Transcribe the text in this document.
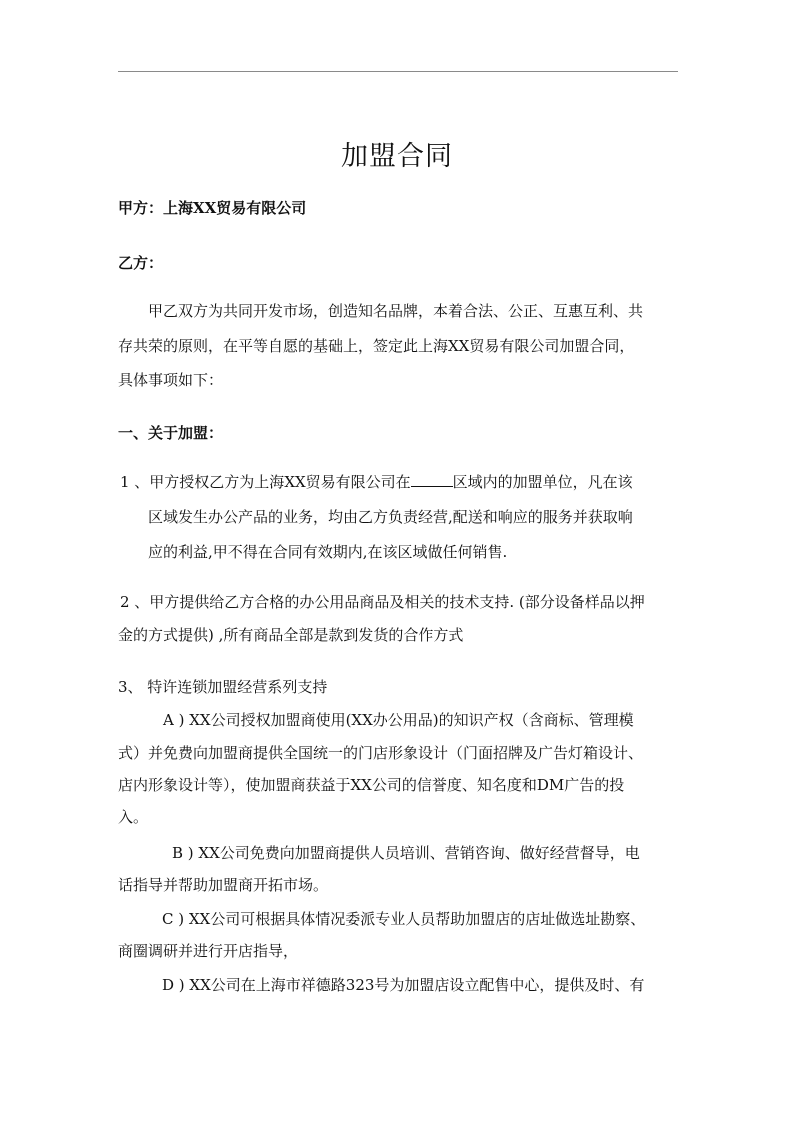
加盟合同
甲方：上海XX贸易有限公司
乙方：
甲乙双方为共同开发市场，创造知名品牌，本着合法、公正、互惠互利、共
存共荣的原则，在平等自愿的基础上，签定此上海XX贸易有限公司加盟合同，
具体事项如下：
一、关于加盟：
1 、甲方授权乙方为上海XX贸易有限公司在	区域内的加盟单位，凡在该
区域发生办公产品的业务，均由乙方负责经营,配送和响应的服务并获取响
应的利益,甲不得在合同有效期内,在该区域做任何销售.
2 、甲方提供给乙方合格的办公用品商品及相关的技术支持. (部分设备样品以押
金的方式提供) ,所有商品全部是款到发货的合作方式
3、 特许连锁加盟经营系列支持
A ) XX公司授权加盟商使用(XX办公用品)的知识产权（含商标、管理模
式）并免费向加盟商提供全国统一的门店形象设计（门面招牌及广告灯箱设计、
店内形象设计等），使加盟商获益于XX公司的信誉度、知名度和DM广告的投
入。
B ) XX公司免费向加盟商提供人员培训、营销咨询、做好经营督导，电
话指导并帮助加盟商开拓市场。
C ) XX公司可根据具体情况委派专业人员帮助加盟店的店址做选址勘察、
商圈调研并进行开店指导，
D ) XX公司在上海市祥德路323号为加盟店设立配售中心，提供及时、有
